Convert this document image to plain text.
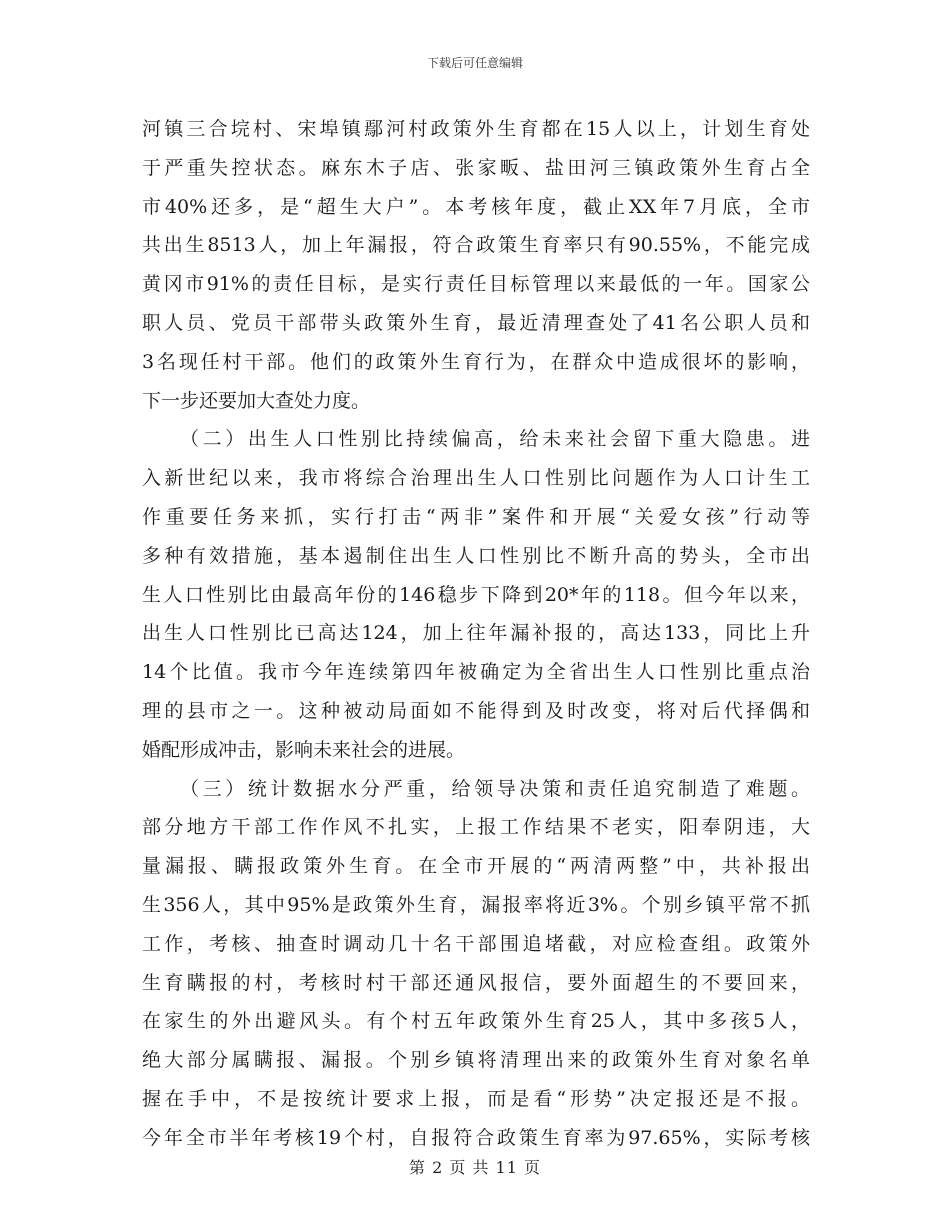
下载后可任意编辑
河镇三合垸村、宋埠镇鄢河村政策外生育都在15人以上，计划生育处
于严重失控状态。麻东木子店、张家畈、盐田河三镇政策外生育占全
市40%还多，是“超生大户”。本考核年度，截止XX年7月底，全市
共出生8513人，加上年漏报，符合政策生育率只有90.55%，不能完成
黄冈市91%的责任目标，是实行责任目标管理以来最低的一年。国家公
职人员、党员干部带头政策外生育，最近清理查处了41名公职人员和
3名现任村干部。他们的政策外生育行为，在群众中造成很坏的影响，
下一步还要加大查处力度。
（二）出生人口性别比持续偏高，给未来社会留下重大隐患。进
入新世纪以来，我市将综合治理出生人口性别比问题作为人口计生工
作重要任务来抓，实行打击“两非”案件和开展“关爱女孩”行动等
多种有效措施，基本遏制住出生人口性别比不断升高的势头，全市出
生人口性别比由最高年份的146稳步下降到20*年的118。但今年以来，
出生人口性别比已高达124，加上往年漏补报的，高达133，同比上升
14个比值。我市今年连续第四年被确定为全省出生人口性别比重点治
理的县市之一。这种被动局面如不能得到及时改变，将对后代择偶和
婚配形成冲击，影响未来社会的进展。
（三）统计数据水分严重，给领导决策和责任追究制造了难题。
部分地方干部工作作风不扎实，上报工作结果不老实，阳奉阴违，大
量漏报、瞒报政策外生育。在全市开展的“两清两整”中，共补报出
生356人，其中95%是政策外生育，漏报率将近3%。个别乡镇平常不抓
工作，考核、抽查时调动几十名干部围追堵截，对应检查组。政策外
生育瞒报的村，考核时村干部还通风报信，要外面超生的不要回来，
在家生的外出避风头。有个村五年政策外生育25人，其中多孩5人，
绝大部分属瞒报、漏报。个别乡镇将清理出来的政策外生育对象名单
握在手中，不是按统计要求上报，而是看“形势”决定报还是不报。
今年全市半年考核19个村，自报符合政策生育率为97.65%，实际考核
第 2 页 共 11 页
